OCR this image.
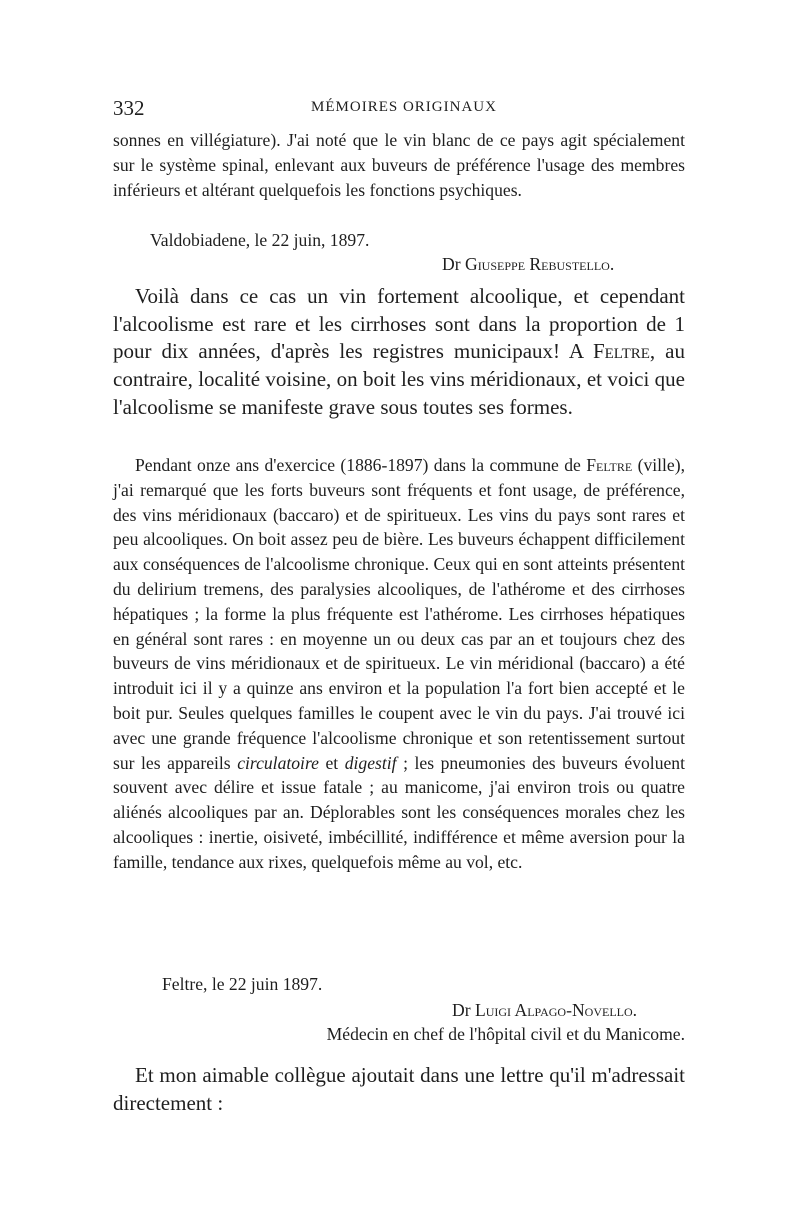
332	MÉMOIRES ORIGINAUX

sonnes en villégiature). J'ai noté que le vin blanc de ce pays agit spécialement sur le système spinal, enlevant aux buveurs de préférence l'usage des membres inférieurs et altérant quelquefois les fonctions psychiques.

Valdobiadene, le 22 juin, 1897.
Dr Giuseppe Rebustello.

Voilà dans ce cas un vin fortement alcoolique, et cependant l'alcoolisme est rare et les cirrhoses sont dans la proportion de 1 pour dix années, d'après les registres municipaux! A Feltre, au contraire, localité voisine, on boit les vins méridionaux, et voici que l'alcoolisme se manifeste grave sous toutes ses formes.

Pendant onze ans d'exercice (1886-1897) dans la commune de Feltre (ville), j'ai remarqué que les forts buveurs sont fréquents et font usage, de préférence, des vins méridionaux (baccaro) et de spiritueux. Les vins du pays sont rares et peu alcooliques. On boit assez peu de bière. Les buveurs échappent difficilement aux conséquences de l'alcoolisme chronique. Ceux qui en sont atteints présentent du delirium tremens, des paralysies alcooliques, de l'athérome et des cirrhoses hépatiques ; la forme la plus fréquente est l'athérome. Les cirrhoses hépatiques en général sont rares : en moyenne un ou deux cas par an et toujours chez des buveurs de vins méridionaux et de spiritueux. Le vin méridional (baccaro) a été introduit ici il y a quinze ans environ et la population l'a fort bien accepté et le boit pur. Seules quelques familles le coupent avec le vin du pays. J'ai trouvé ici avec une grande fréquence l'alcoolisme chronique et son retentissement surtout sur les appareils circulatoire et digestif ; les pneumonies des buveurs évoluent souvent avec délire et issue fatale ; au manicome, j'ai environ trois ou quatre aliénés alcooliques par an. Déplorables sont les conséquences morales chez les alcooliques : inertie, oisiveté, imbécillité, indifférence et même aversion pour la famille, tendance aux rixes, quelquefois même au vol, etc.

Feltre, le 22 juin 1897.
Dr Luigi Alpago-Novello.
Médecin en chef de l'hôpital civil et du Manicome.

Et mon aimable collègue ajoutait dans une lettre qu'il m'adressait directement :
